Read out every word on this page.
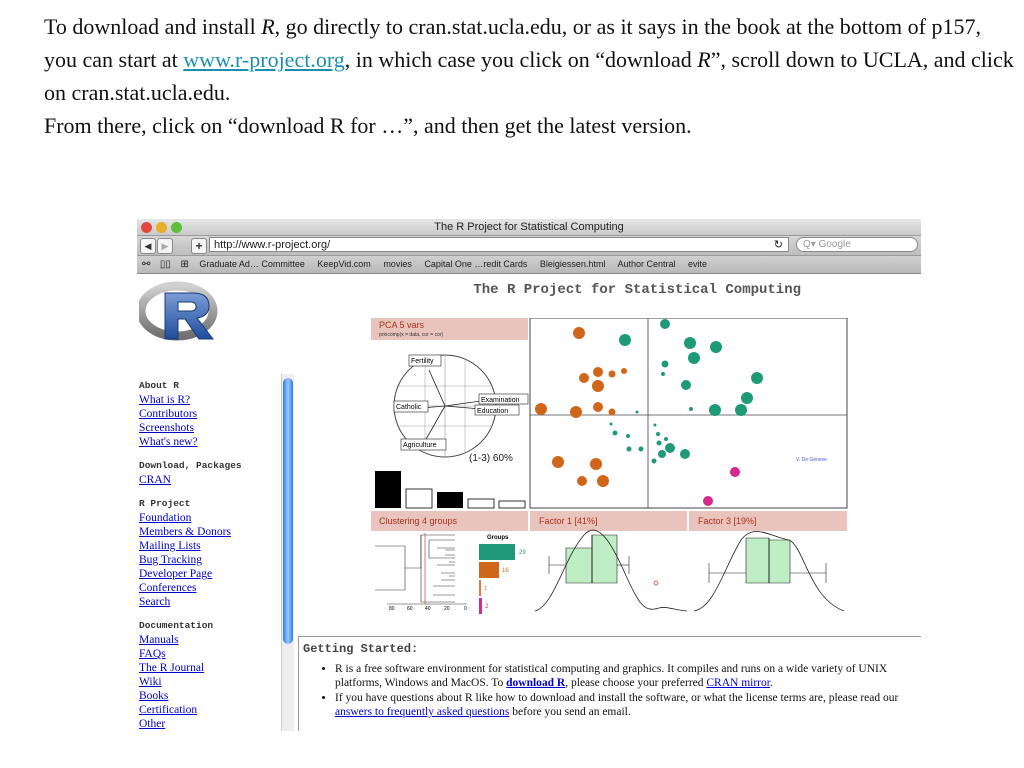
To download and install R, go directly to cran.stat.ucla.edu, or as it says in the book at the bottom of p157, you can start at www.r-project.org, in which case you click on “download R”, scroll down to UCLA, and click on cran.stat.ucla.edu.

From there, click on “download R for …”, and then get the latest version.

The R Project for Statistical Computing
◀	▶	+	http://www.r-project.org/	↻	Q▾ Google
⚯ ▯▯ ⊞ Graduate Ad… Committee KeepVid.com movies Capital One …redit Cards Bleigiessen.html Author Central evite
About R
What is R?
Contributors
Screenshots
What's new?
Download, Packages
CRAN
R Project
Foundation
Members & Donors
Mailing Lists
Bug Tracking
Developer Page
Conferences
Search
Documentation
Manuals
FAQs
The R Journal
Wiki
Books
Certification
Other
The R Project for Statistical Computing
PCA 5 vars
princomp(x = data, cor = cor)
Fertility
Catholic
Examination
Education
Agriculture
(1-3) 60%	V. De Geneve
Clustering 4 groups	Factor 1 [41%]	Factor 3 [19%]
80 60 40	20	0
Groups
29
16
1
2
Getting Started:
• R is a free software environment for statistical computing and graphics. It compiles and runs on a wide variety of UNIX platforms, Windows and MacOS. To download R, please choose your preferred CRAN mirror.
• If you have questions about R like how to download and install the software, or what the license terms are, please read our answers to frequently asked questions before you send an email.
